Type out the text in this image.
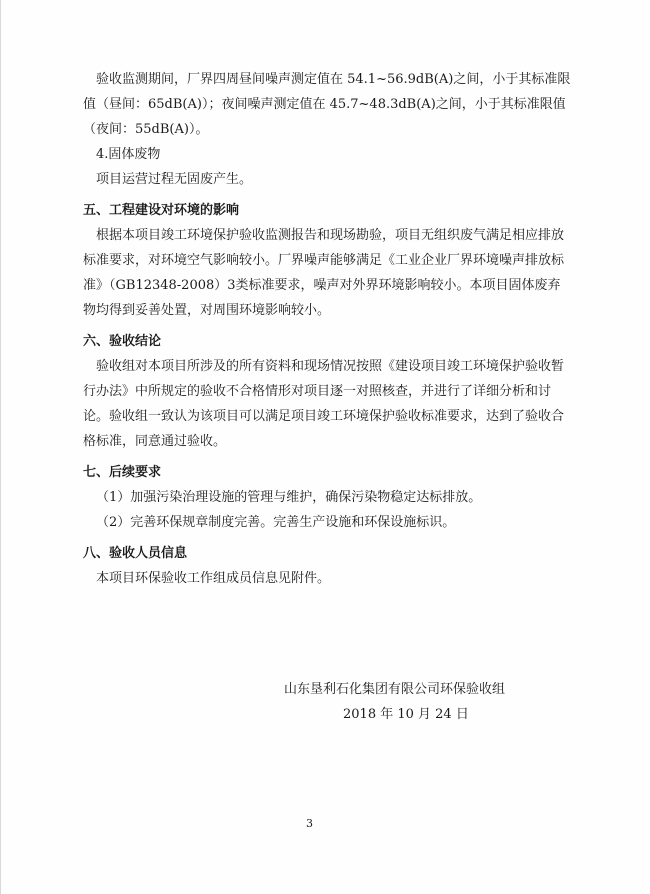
验收监测期间，厂界四周昼间噪声测定值在 54.1~56.9dB(A)之间，小于其标准限值（昼间：65dB(A)）；夜间噪声测定值在 45.7~48.3dB(A)之间，小于其标准限值（夜间：55dB(A)）。

4.固体废物

项目运营过程无固废产生。

五、工程建设对环境的影响

根据本项目竣工环境保护验收监测报告和现场勘验，项目无组织废气满足相应排放标准要求，对环境空气影响较小。厂界噪声能够满足《工业企业厂界环境噪声排放标准》（GB12348-2008）3类标准要求，噪声对外界环境影响较小。本项目固体废弃物均得到妥善处置，对周围环境影响较小。

六、验收结论

验收组对本项目所涉及的所有资料和现场情况按照《建设项目竣工环境保护验收暂行办法》中所规定的验收不合格情形对项目逐一对照核查，并进行了详细分析和讨论。验收组一致认为该项目可以满足项目竣工环境保护验收标准要求，达到了验收合格标准，同意通过验收。

七、后续要求

（1）加强污染治理设施的管理与维护，确保污染物稳定达标排放。

（2）完善环保规章制度完善。完善生产设施和环保设施标识。

八、验收人员信息

本项目环保验收工作组成员信息见附件。

山东垦利石化集团有限公司环保验收组
2018 年 10 月 24 日
3
